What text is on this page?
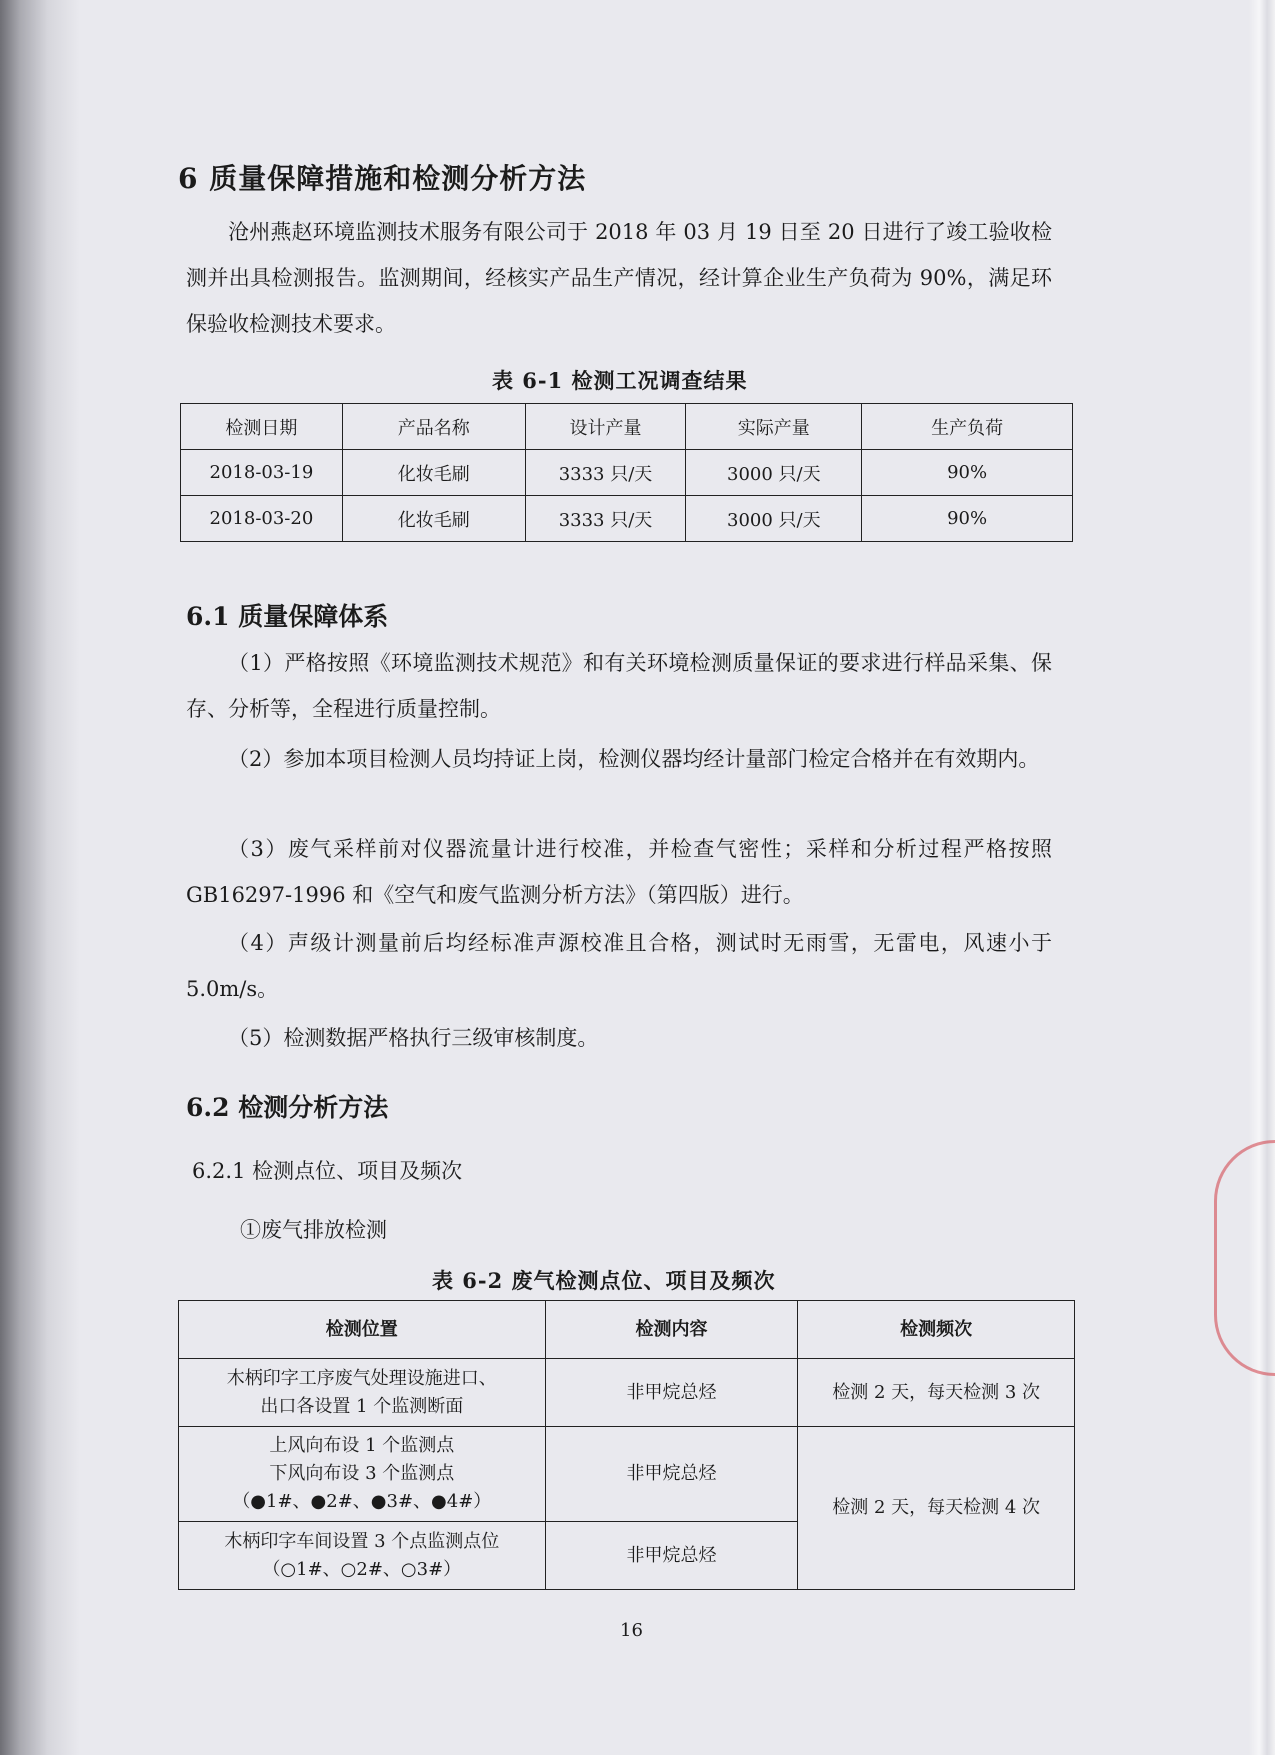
6 质量保障措施和检测分析方法
沧州燕赵环境监测技术服务有限公司于 2018 年 03 月 19 日至 20 日进行了竣工验收检测并出具检测报告。监测期间，经核实产品生产情况，经计算企业生产负荷为 90%，满足环保验收检测技术要求。
表 6-1 检测工况调查结果
检测日期	产品名称	设计产量	实际产量	生产负荷
2018-03-19	化妆毛刷	3333 只/天	3000 只/天	90%
2018-03-20	化妆毛刷	3333 只/天	3000 只/天	90%
6.1 质量保障体系
（1）严格按照《环境监测技术规范》和有关环境检测质量保证的要求进行样品采集、保存、分析等，全程进行质量控制。
（2）参加本项目检测人员均持证上岗，检测仪器均经计量部门检定合格并在有效期内。
（3）废气采样前对仪器流量计进行校准，并检查气密性；采样和分析过程严格按照 GB16297-1996 和《空气和废气监测分析方法》（第四版）进行。
（4）声级计测量前后均经标准声源校准且合格，测试时无雨雪，无雷电，风速小于 5.0m/s。
（5）检测数据严格执行三级审核制度。
6.2 检测分析方法
6.2.1 检测点位、项目及频次
①废气排放检测
表 6-2 废气检测点位、项目及频次
检测位置	检测内容	检测频次

木柄印字工序废气处理设施进口、
出口各设置 1 个监测断面	非甲烷总烃	检测 2 天，每天检测 3 次

上风向布设 1 个监测点
下风向布设 3 个监测点
（●1#、●2#、●3#、●4#）	非甲烷总烃	检测 2 天，每天检测 4 次

木柄印字车间设置 3 个点监测点位
（○1#、○2#、○3#）	非甲烷总烃	
16
